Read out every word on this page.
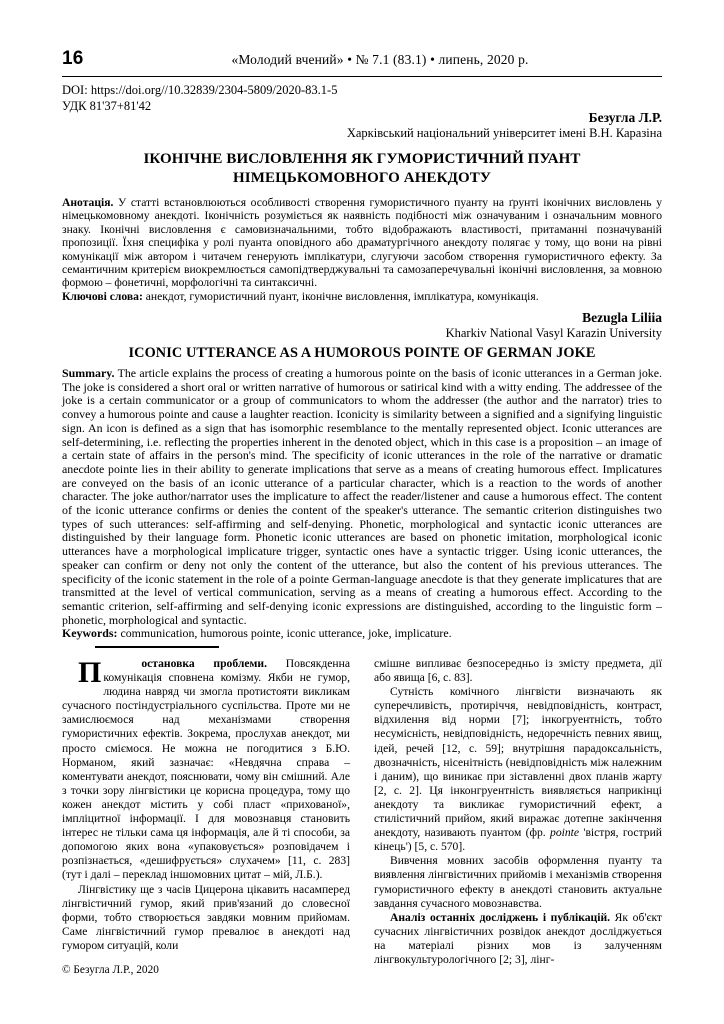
16	«Молодий вчений» • № 7.1 (83.1) • липень, 2020 р.
DOI: https://doi.org//10.32839/2304-5809/2020-83.1-5
УДК 81'37+81'42
Безугла Л.Р.
Харківський національний університет імені В.Н. Каразіна
ІКОНІЧНЕ ВИСЛОВЛЕННЯ ЯК ГУМОРИСТИЧНИЙ ПУАНТ
НІМЕЦЬКОМОВНОГО АНЕКДОТУ

Анотація. У статті встановлюються особливості створення гумористичного пуанту на ґрунті іконічних висловлень у німецькомовному анекдоті. Іконічність розуміється як наявність подібності між означуваним і означальним мовного знаку. Іконічні висловлення є самовизначальними, тобто відображають властивості, притаманні позначуваній пропозиції. Їхня специфіка у ролі пуанта оповідного або драматургічного анекдоту полягає у тому, що вони на рівні комунікації між автором і читачем генерують імплікатури, слугуючи засобом створення гумористичного ефекту. За семантичним критерієм виокремлюється самопідтверджувальні та самозаперечувальні іконічні висловлення, за мовною формою – фонетичні, морфологічні та синтаксичні.

Ключові слова: анекдот, гумористичний пуант, іконічне висловлення, імплікатура, комунікація.

Bezugla Liliia
Kharkiv National Vasyl Karazin University
ICONIC UTTERANCE AS A HUMOROUS POINTE OF GERMAN JOKE

Summary. The article explains the process of creating a humorous pointe on the basis of iconic utterances in a German joke. The joke is considered a short oral or written narrative of humorous or satirical kind with a witty ending. The addressee of the joke is a certain communicator or a group of communicators to whom the addresser (the author and the narrator) tries to convey a humorous pointe and cause a laughter reaction. Iconicity is similarity between a signified and a signifying linguistic sign. An icon is defined as a sign that has isomorphic resemblance to the mentally represented object. Iconic utterances are self-determining, i.e. reflecting the properties inherent in the denoted object, which in this case is a proposition – an image of a certain state of affairs in the person's mind. The specificity of iconic utterances in the role of the narrative or dramatic anecdote pointe lies in their ability to generate implications that serve as a means of creating humorous effect. Implicatures are conveyed on the basis of an iconic utterance of a particular character, which is a reaction to the words of another character. The joke author/narrator uses the implicature to affect the reader/listener and cause a humorous effect. The content of the iconic utterance confirms or denies the content of the speaker's utterance. The semantic criterion distinguishes two types of such utterances: self-affirming and self-denying. Phonetic, morphological and syntactic iconic utterances are distinguished by their language form. Phonetic iconic utterances are based on phonetic imitation, morphological iconic utterances have a morphological implicature trigger, syntactic ones have a syntactic trigger. Using iconic utterances, the speaker can confirm or deny not only the content of the utterance, but also the content of his previous utterances. The specificity of the iconic statement in the role of a pointe German-language anecdote is that they generate implicatures that are transmitted at the level of vertical communication, serving as a means of creating a humorous effect. According to the semantic criterion, self-affirming and self-denying iconic expressions are distinguished, according to the linguistic form – phonetic, morphological and syntactic.

Keywords: communication, humorous pointe, iconic utterance, joke, implicature.

П	остановка проблеми. Повсякденна комунікація сповнена комізму. Якби не гумор, людина навряд чи змогла протистояти викликам сучасного постіндустріального суспільства. Проте ми не замислюємося над механізмами створення гумористичних ефектів. Зокрема, прослухав анекдот, ми просто сміємося. Не можна не погодитися з Б.Ю. Норманом, який зазначає: «Невдячна справа – коментувати анекдот, пояснювати, чому він смішний. Але з точки зору лінгвістики це корисна процедура, тому що кожен анекдот містить у собі пласт «прихованої», імпліцитної інформації. І для мовознавця становить інтерес не тільки сама ця інформація, але й ті способи, за допомогою яких вона «упаковується» розповідачем і розпізнається, «дешифрується» слухачем» [11, с. 283] (тут і далі – переклад іншомовних цитат – мій, Л.Б.).

Лінгвістику ще з часів Цицерона цікавить насамперед лінгвістичний гумор, який прив'язаний до словесної форми, тобто створюється завдяки мовним прийомам. Саме лінгвістичний гумор превалює в анекдоті над гумором ситуацій, коли

смішне випливає безпосередньо із змісту предмета, дії або явища [6, с. 83].

Сутність комічного лінгвісти визначають як суперечливість, протиріччя, невідповідність, контраст, відхилення від норми [7]; інкогруентність, тобто несумісність, невідповідність, недоречність певних явищ, ідей, речей [12, с. 59]; внутрішня парадоксальність, двозначність, нісенітність (невідповідність між належним і даним), що виникає при зіставленні двох планів жарту [2, с. 2]. Ця інконгруентність виявляється наприкінці анекдоту та викликає гумористичний ефект, а стилістичний прийом, який виражає дотепне закінчення анекдоту, називають пуантом (фр. pointe 'вістря, гострий кінець') [5, с. 570].

Вивчення мовних засобів оформлення пуанту та виявлення лінгвістичних прийомів і механізмів створення гумористичного ефекту в анекдоті становить актуальне завдання сучасного мовознавства.

Аналіз останніх досліджень і публікацій. Як об'єкт сучасних лінгвістичних розвідок анекдот досліджується на матеріалі різних мов із залученням лінгвокультурологічного [2; 3], лінг-

© Безугла Л.Р., 2020
